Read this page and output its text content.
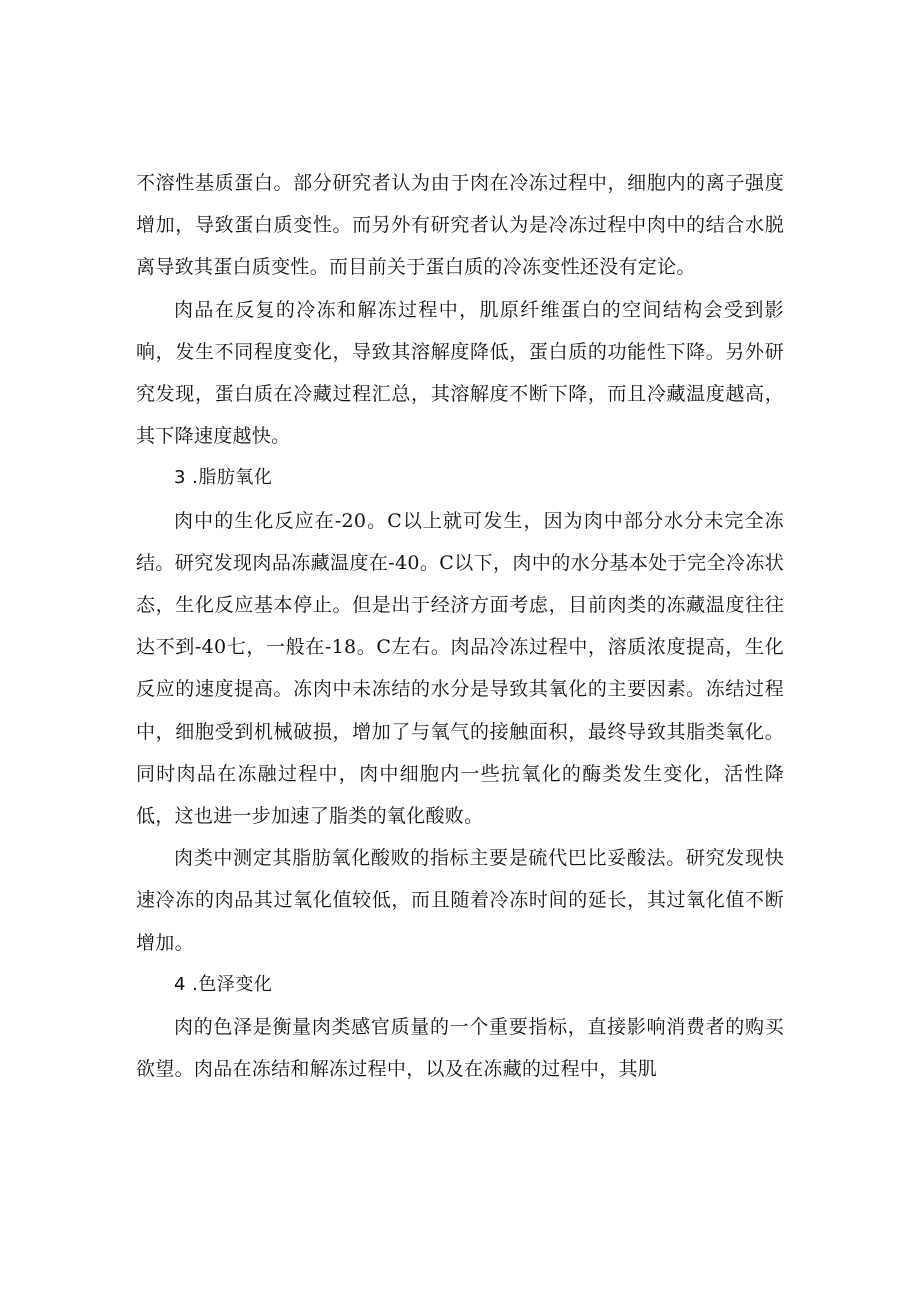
不溶性基质蛋白。部分研究者认为由于肉在冷冻过程中，细胞内的离子强度增加，导致蛋白质变性。而另外有研究者认为是冷冻过程中肉中的结合水脱离导致其蛋白质变性。而目前关于蛋白质的冷冻变性还没有定论。

肉品在反复的冷冻和解冻过程中，肌原纤维蛋白的空间结构会受到影响，发生不同程度变化，导致其溶解度降低，蛋白质的功能性下降。另外研究发现，蛋白质在冷藏过程汇总，其溶解度不断下降，而且冷藏温度越高，其下降速度越快。

3 .脂肪氧化

肉中的生化反应在-20。C以上就可发生，因为肉中部分水分未完全冻结。研究发现肉品冻藏温度在-40。C以下，肉中的水分基本处于完全冷冻状态，生化反应基本停止。但是出于经济方面考虑，目前肉类的冻藏温度往往达不到-40七，一般在-18。C左右。肉品冷冻过程中，溶质浓度提高，生化反应的速度提高。冻肉中未冻结的水分是导致其氧化的主要因素。冻结过程中，细胞受到机械破损，增加了与氧气的接触面积，最终导致其脂类氧化。同时肉品在冻融过程中，肉中细胞内一些抗氧化的酶类发生变化，活性降低，这也进一步加速了脂类的氧化酸败。

肉类中测定其脂肪氧化酸败的指标主要是硫代巴比妥酸法。研究发现快速冷冻的肉品其过氧化值较低，而且随着冷冻时间的延长，其过氧化值不断增加。

4 .色泽变化

肉的色泽是衡量肉类感官质量的一个重要指标，直接影响消费者的购买欲望。肉品在冻结和解冻过程中，以及在冻藏的过程中，其肌
